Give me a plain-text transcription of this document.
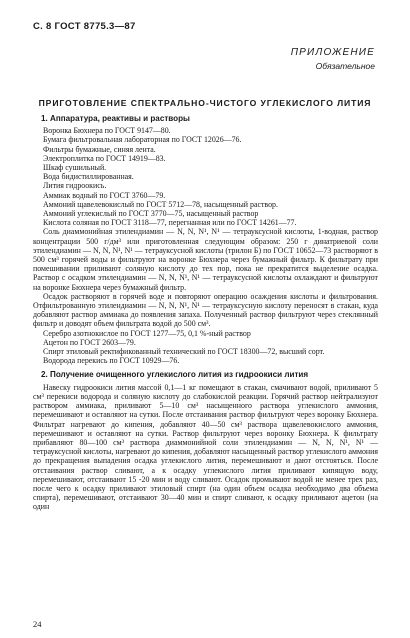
С. 8 ГОСТ 8775.3—87
ПРИЛОЖЕНИЕ
Обязательное
ПРИГОТОВЛЕНИЕ СПЕКТРАЛЬНО-ЧИСТОГО УГЛЕКИСЛОГО ЛИТИЯ
1. Аппаратура, реактивы и растворы

Воронка Бюхнера по ГОСТ 9147—80.

Бумага фильтровальная лабораторная по ГОСТ 12026—76.

Фильтры бумажные, синяя лента.

Электроплитка по ГОСТ 14919—83.

Шкаф сушильный.

Вода бидистиллированная.

Лития гидроокись.

Аммиак водный по ГОСТ 3760—79.

Аммоний щавелевокислый по ГОСТ 5712—78, насыщенный раствор.

Аммоний углекислый по ГОСТ 3770—75, насыщенный раствор

Кислота соляная по ГОСТ 3118—77, перегнанная или по ГОСТ 14261—77.

Соль диаммонийная этилендиамин — N, N, N¹, N¹ — тетрауксусной кислоты, 1-водная, раствор концентрации 500 г/дм³ или приготовленная следующим образом: 250 г динатриевой соли этилендиамин — N, N, N¹, N¹ — тетрауксусной кислоты (трилон Б) по ГОСТ 10652—73 растворяют в 500 см³ горячей воды и фильтруют на воронке Бюхнера через бумажный фильтр. К фильтрату при помешивании приливают соляную кислоту до тех пор, пока не прекратится выделение осадка. Раствор с осадком этилендиамин — N, N, N¹, N¹ — тетрауксусной кислоты охлаждают и фильтруют на воронке Бюхнера через бумажный фильтр.

Осадок растворяют в горячей воде и повторяют операцию осаждения кислоты и фильтрования. Отфильтрованную этилендиамин — N, N, N¹, N¹ — тетрауксусную кислоту переносят в стакан, куда добавляют раствор аммиака до появления запаха. Полученный раствор фильтруют через стеклянный фильтр и доводят объем фильтрата водой до 500 см³.

Серебро азотнокислое по ГОСТ 1277—75, 0,1 %-ный раствор

Ацетон по ГОСТ 2603—79.

Спирт этиловый ректификованный технический по ГОСТ 18300—72, высший сорт.

Водорода перекись по ГОСТ 10929—76.

2. Получение очищенного углекислого лития из гидроокиси лития

Навеску гидроокиси лития массой 0,1—1 кг помещают в стакан, смачивают водой, приливают 5 см³ перекиси водорода и соляную кислоту до слабокислой реакции. Горячий раствор нейтрализуют раствором аммиака, приливают 5—10 см³ насыщенного раствора углекислого аммония, перемешивают и оставляют на сутки. После отстаивания раствор фильтруют через воронку Бюхнера. Фильтрат нагревают до кипения, добавляют 40—50 см³ раствора щавелевокислого аммония, перемешивают и оставляют на сутки. Раствор фильтруют через воронку Бюхнера. К фильтрату прибавляют 80—100 см³ раствора диаммонийной соли этилендиамин — N, N, N¹, N¹ — тетрауксусной кислоты, нагревают до кипения, добавляют насыщенный раствор углекислого аммония до прекращения выпадения осадка углекислого лития, перемешивают и дают отстояться. После отстаивания раствор сливают, а к осадку углекислого лития приливают кипящую воду, перемешивают, отстаивают 15 -20 мин и воду сливают. Осадок промывают водой не менее трех раз, после чего к осадку приливают этиловый спирт (на один объем осадка необходимо два объема спирта), перемешивают, отстаивают 30—40 мин и спирт сливают, к осадку приливают ацетон (на один

24
